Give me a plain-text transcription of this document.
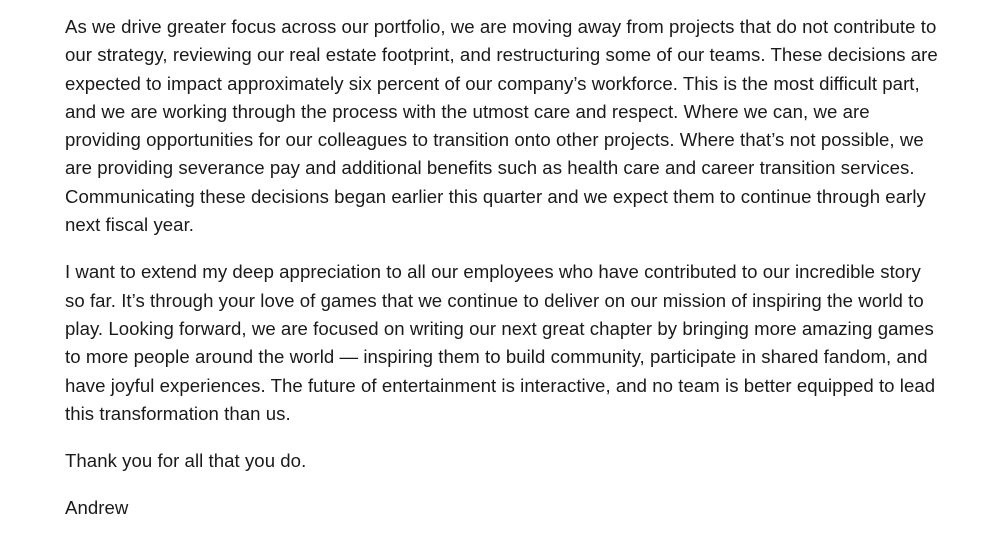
As we drive greater focus across our portfolio, we are moving away from projects that do not contribute to our strategy, reviewing our real estate footprint, and restructuring some of our teams. These decisions are expected to impact approximately six percent of our company’s workforce. This is the most difficult part, and we are working through the process with the utmost care and respect. Where we can, we are providing opportunities for our colleagues to transition onto other projects. Where that’s not possible, we are providing severance pay and additional benefits such as health care and career transition services. Communicating these decisions began earlier this quarter and we expect them to continue through early next fiscal year.

I want to extend my deep appreciation to all our employees who have contributed to our incredible story so far. It’s through your love of games that we continue to deliver on our mission of inspiring the world to play. Looking forward, we are focused on writing our next great chapter by bringing more amazing games to more people around the world — inspiring them to build community, participate in shared fandom, and have joyful experiences. The future of entertainment is interactive, and no team is better equipped to lead this transformation than us.

Thank you for all that you do.

Andrew
